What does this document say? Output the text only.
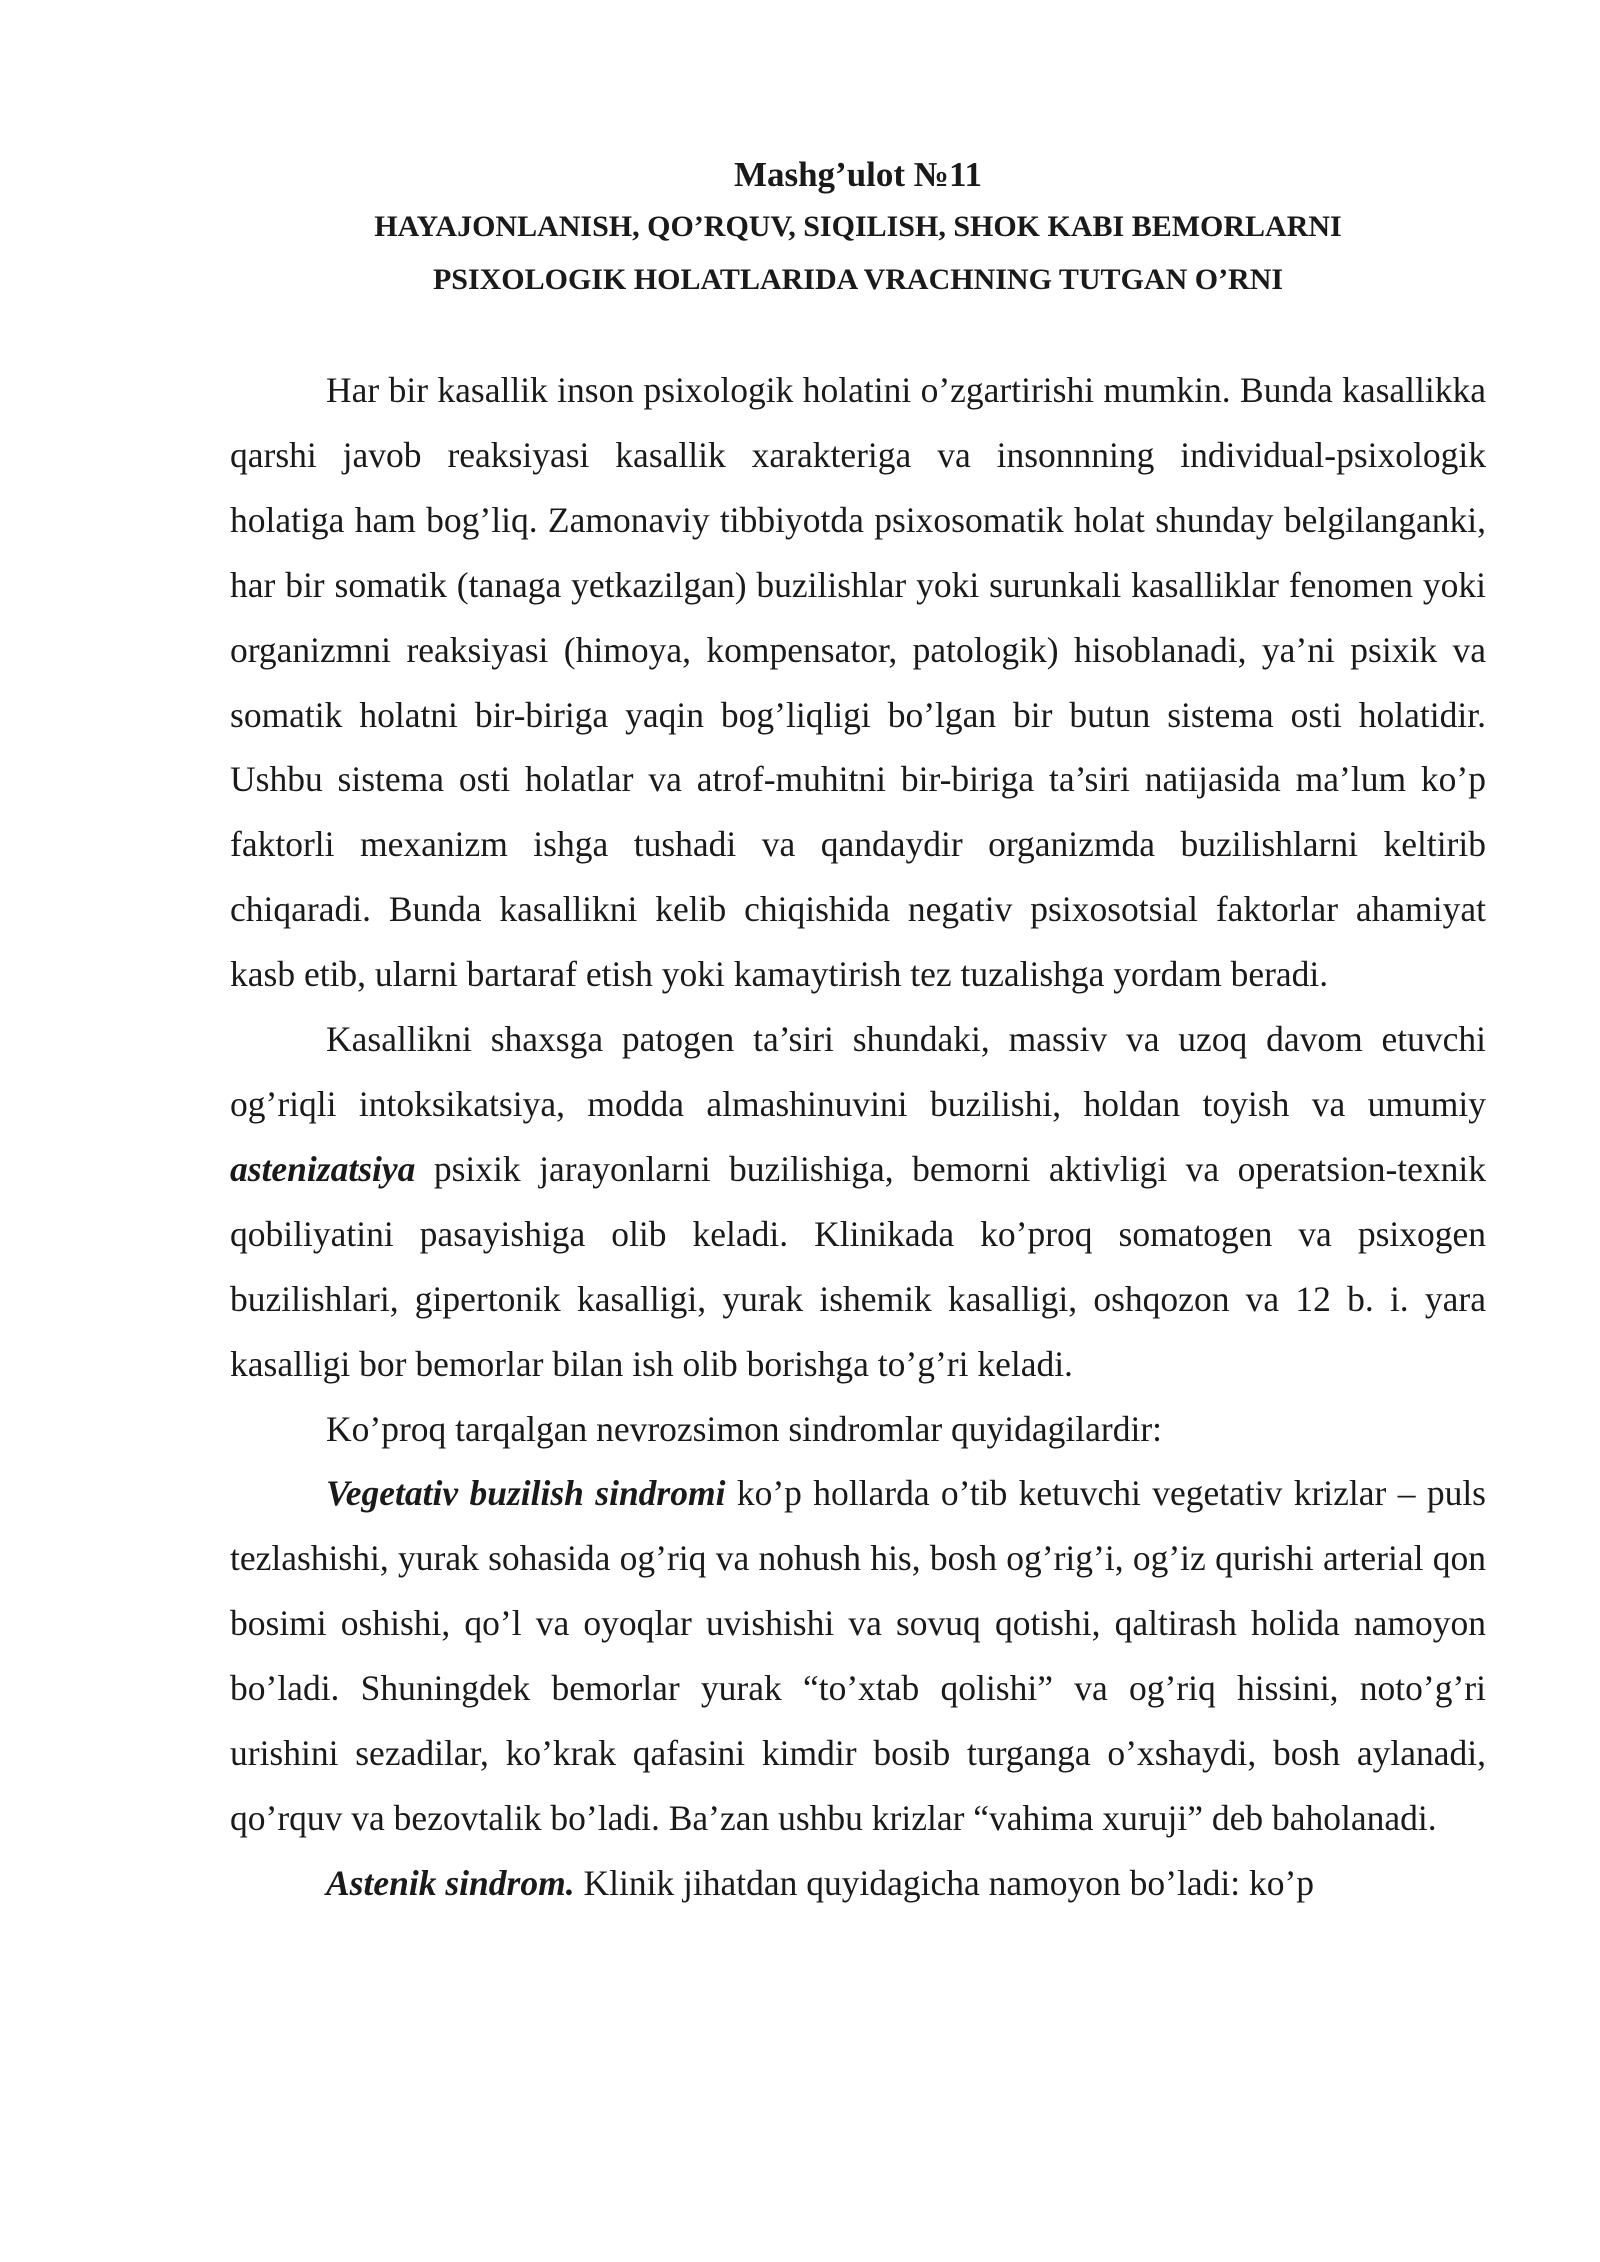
Mashg’ulot №11
HAYAJONLANISH, QO’RQUV, SIQILISH, SHOK KABI BEMORLARNI
PSIXOLOGIK HOLATLARIDA VRACHNING TUTGAN O’RNI

Har bir kasallik inson psixologik holatini o’zgartirishi mumkin. Bunda kasallikka qarshi javob reaksiyasi kasallik xarakteriga va insonnning individual-psixologik holatiga ham bog’liq. Zamonaviy tibbiyotda psixosomatik holat shunday belgilanganki, har bir somatik (tanaga yetkazilgan) buzilishlar yoki surunkali kasalliklar fenomen yoki organizmni reaksiyasi (himoya, kompensator, patologik) hisoblanadi, ya’ni psixik va somatik holatni bir-biriga yaqin bog’liqligi bo’lgan bir butun sistema osti holatidir. Ushbu sistema osti holatlar va atrof-muhitni bir-biriga ta’siri natijasida ma’lum ko’p faktorli mexanizm ishga tushadi va qandaydir organizmda buzilishlarni keltirib chiqaradi. Bunda kasallikni kelib chiqishida negativ psixosotsial faktorlar ahamiyat kasb etib, ularni bartaraf etish yoki kamaytirish tez tuzalishga yordam beradi.

Kasallikni shaxsga patogen ta’siri shundaki, massiv va uzoq davom etuvchi og’riqli intoksikatsiya, modda almashinuvini buzilishi, holdan toyish va umumiy astenizatsiya psixik jarayonlarni buzilishiga, bemorni aktivligi va operatsion-texnik qobiliyatini pasayishiga olib keladi. Klinikada ko’proq somatogen va psixogen buzilishlari, gipertonik kasalligi, yurak ishemik kasalligi, oshqozon va 12 b. i. yara kasalligi bor bemorlar bilan ish olib borishga to’g’ri keladi.

Ko’proq tarqalgan nevrozsimon sindromlar quyidagilardir:

Vegetativ buzilish sindromi ko’p hollarda o’tib ketuvchi vegetativ krizlar – puls tezlashishi, yurak sohasida og’riq va nohush his, bosh og’rig’i, og’iz qurishi arterial qon bosimi oshishi, qo’l va oyoqlar uvishishi va sovuq qotishi, qaltirash holida namoyon bo’ladi. Shuningdek bemorlar yurak “to’xtab qolishi” va og’riq hissini, noto’g’ri urishini sezadilar, ko’krak qafasini kimdir bosib turganga o’xshaydi, bosh aylanadi, qo’rquv va bezovtalik bo’ladi. Ba’zan ushbu krizlar “vahima xuruji” deb baholanadi.

Astenik sindrom. Klinik jihatdan quyidagicha namoyon bo’ladi: ko’p
